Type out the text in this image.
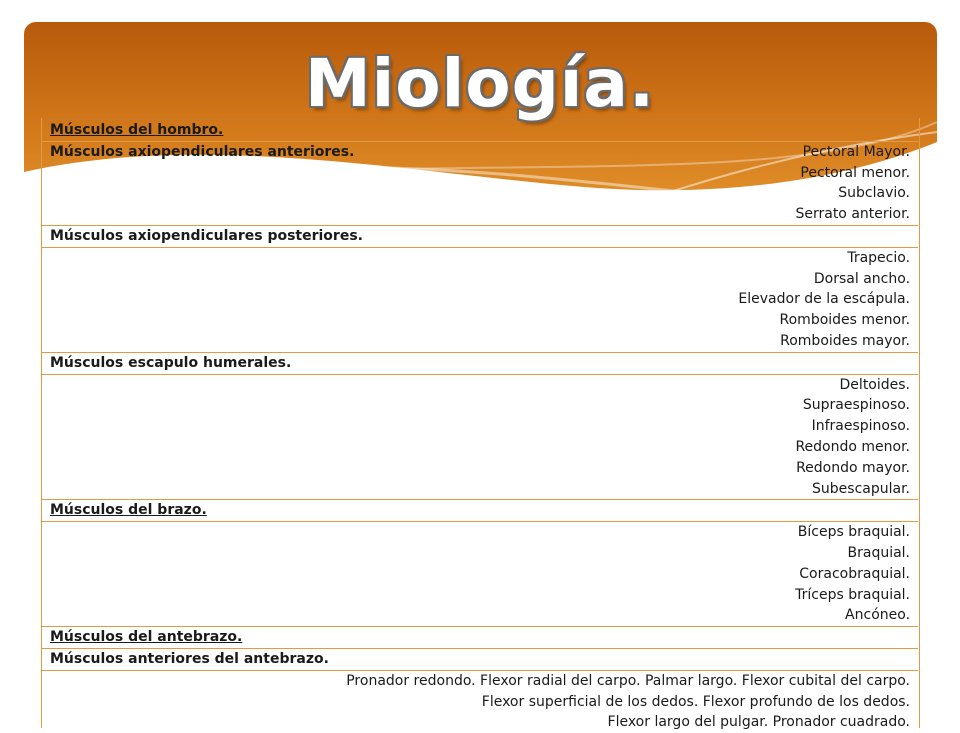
Miología.
Músculos del hombro.	
Músculos axiopendiculares anteriores.	Pectoral Mayor.
Pectoral menor.	
Subclavio.	
Serrato anterior.	
Músculos axiopendiculares posteriores.	
Trapecio.	
Dorsal ancho.	
Elevador de la escápula.	
Romboides menor.	
Romboides mayor.	
Músculos escapulo humerales.	
Deltoides.	
Supraespinoso.	
Infraespinoso.	
Redondo menor.	
Redondo mayor.	
Subescapular.	
Músculos del brazo.	
Bíceps braquial.	
Braquial.	
Coracobraquial.	
Tríceps braquial.	
Ancóneo.	
Músculos del antebrazo.	
Músculos anteriores del antebrazo.	
Pronador redondo. Flexor radial del carpo. Palmar largo. Flexor cubital del carpo.	
Flexor superficial de los dedos. Flexor profundo de los dedos.	
Flexor largo del pulgar. Pronador cuadrado.	
